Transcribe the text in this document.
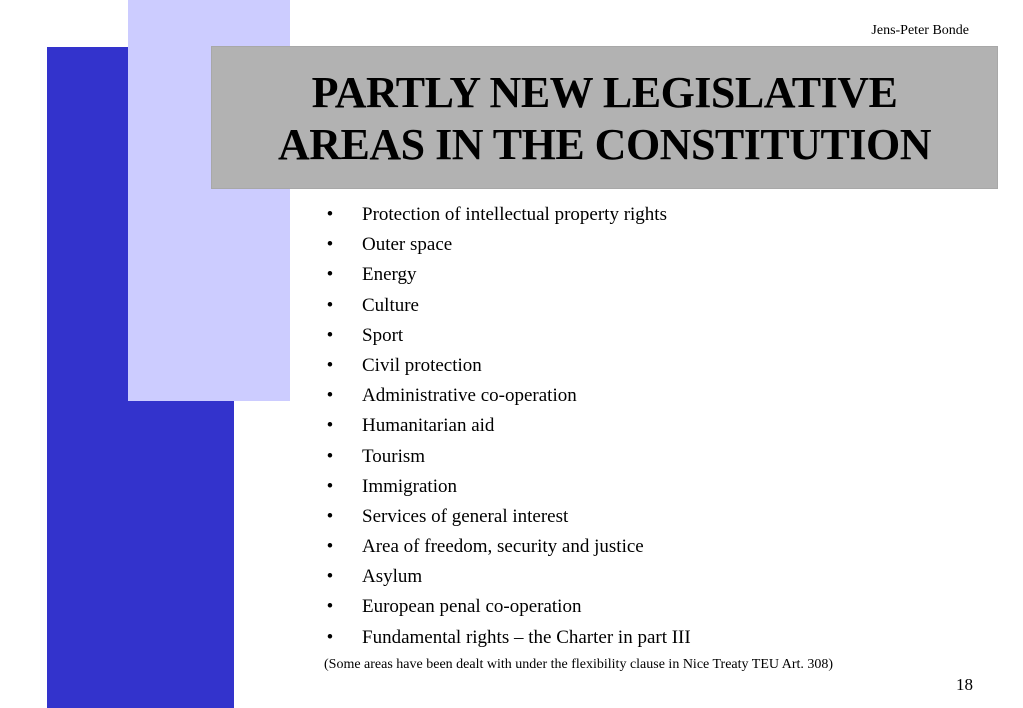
Jens-Peter Bonde
PARTLY NEW LEGISLATIVE
AREAS IN THE CONSTITUTION
• Protection of intellectual property rights
• Outer space
• Energy
• Culture
• Sport
• Civil protection
• Administrative co-operation
• Humanitarian aid
• Tourism
• Immigration
• Services of general interest
• Area of freedom, security and justice
• Asylum
• European penal co-operation
• Fundamental rights – the Charter in part III
(Some areas have been dealt with under the flexibility clause in Nice Treaty TEU Art. 308)
18
